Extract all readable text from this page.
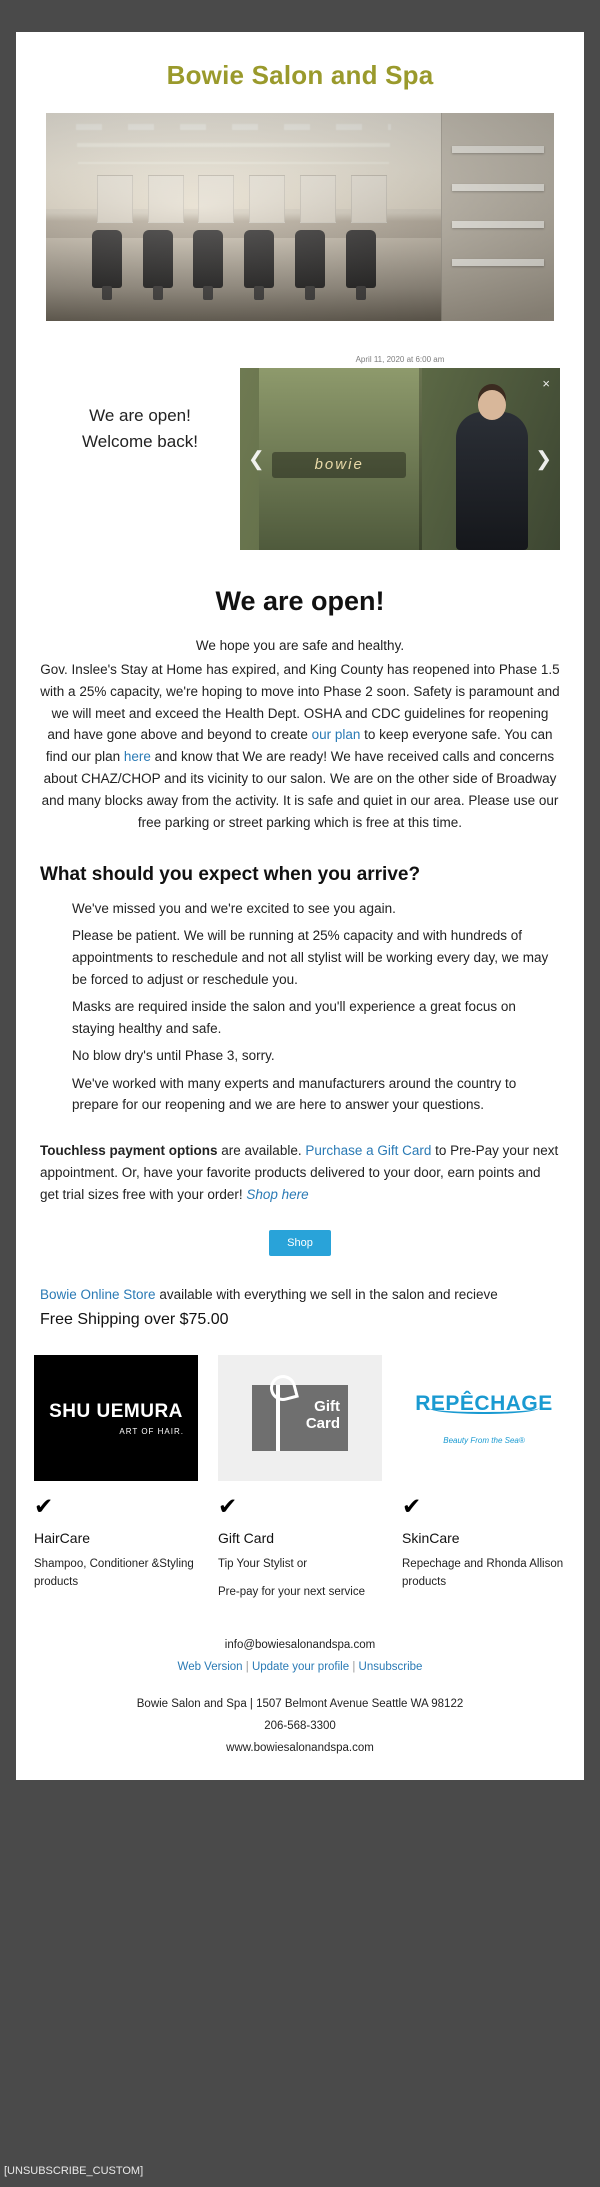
Bowie Salon and Spa
We are open!
Welcome back!
April 11, 2020 at 6:00 am
bowie
❮	❯
×
We are open!

We hope you are safe and healthy.

Gov. Inslee's Stay at Home has expired, and King County has reopened into Phase 1.5 with a 25% capacity, we're hoping to move into Phase 2 soon. Safety is paramount and we will meet and exceed the Health Dept. OSHA and CDC guidelines for reopening and have gone above and beyond to create our plan to keep everyone safe. You can find our plan here and know that We are ready! We have received calls and concerns about CHAZ/CHOP and its vicinity to our salon. We are on the other side of Broadway and many blocks away from the activity. It is safe and quiet in our area. Please use our free parking or street parking which is free at this time.

What should you expect when you arrive?

We've missed you and we're excited to see you again.

Please be patient. We will be running at 25% capacity and with hundreds of appointments to reschedule and not all stylist will be working every day, we may be forced to adjust or reschedule you.

Masks are required inside the salon and you'll experience a great focus on staying healthy and safe.

No blow dry's until Phase 3, sorry.

We've worked with many experts and manufacturers around the country to prepare for our reopening and we are here to answer your questions.

Touchless payment options are available. Purchase a Gift Card to Pre-Pay your next appointment. Or, have your favorite products delivered to your door, earn points and get trial sizes free with your order! Shop here
Shop
Bowie Online Store available with everything we sell in the salon and recieve
Free Shipping over $75.00
SHU UEMURA
ART OF HAIR.
✔
HairCare
Shampoo, Conditioner &Styling products
Gift
Card
✔
Gift Card
Tip Your Stylist or
Pre-pay for your next service
REPÊCHAGE
Beauty From the Sea®
✔
SkinCare
Repechage and Rhonda Allison products
info@bowiesalonandspa.com
Web Version | Update your profile | Unsubscribe
Bowie Salon and Spa | 1507 Belmont Avenue Seattle WA 98122
206-568-3300
www.bowiesalonandspa.com
[UNSUBSCRIBE_CUSTOM]
